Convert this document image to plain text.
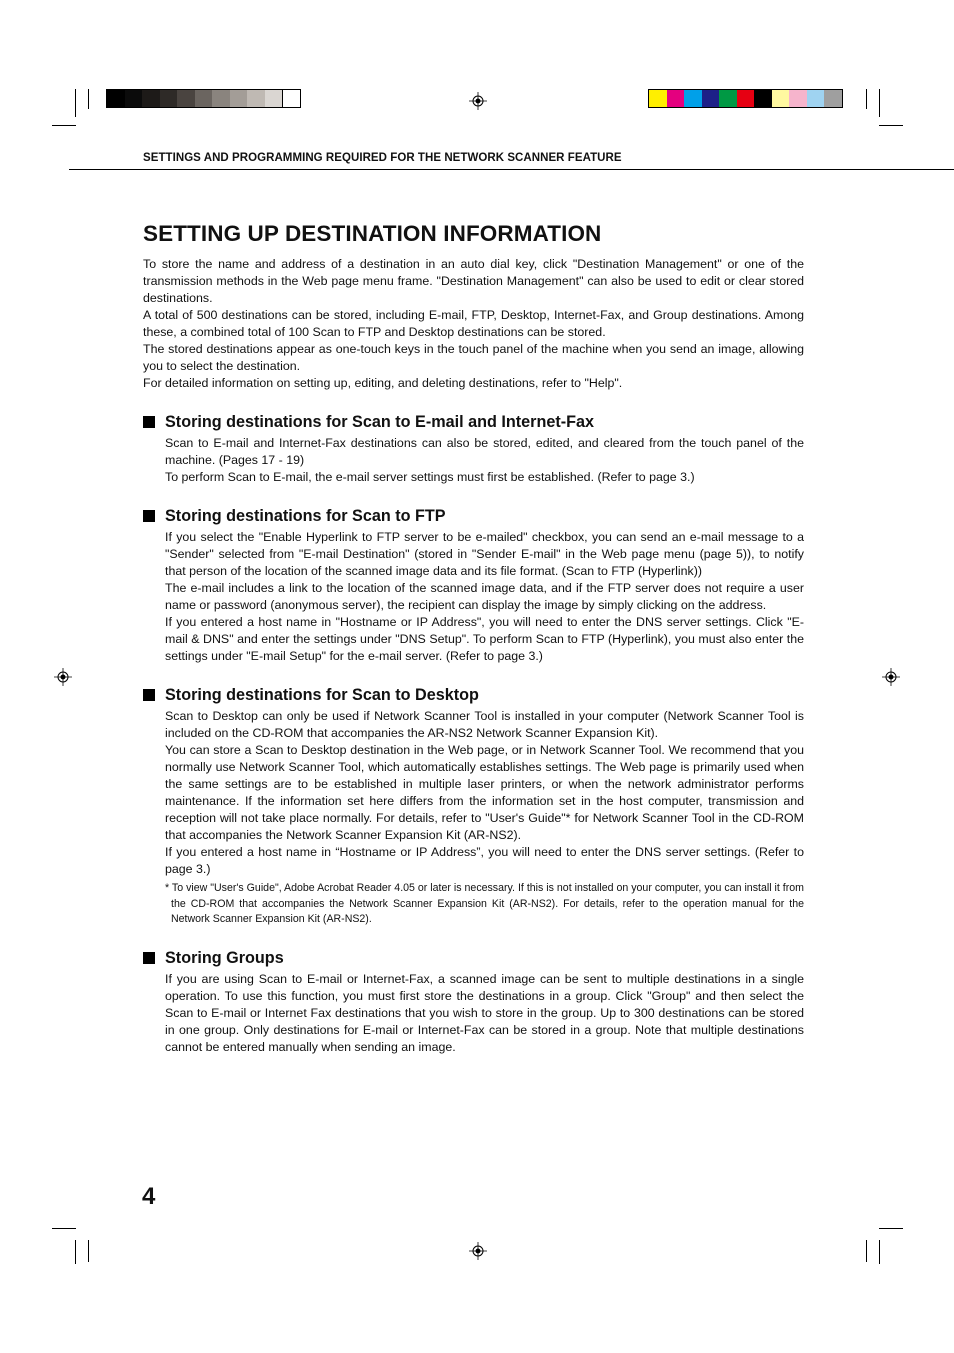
SETTINGS AND PROGRAMMING REQUIRED FOR THE NETWORK SCANNER FEATURE
SETTING UP DESTINATION INFORMATION

To store the name and address of a destination in an auto dial key, click "Destination Management" or one of the transmission methods in the Web page menu frame. "Destination Management" can also be used to edit or clear stored destinations.

A total of 500 destinations can be stored, including E-mail, FTP, Desktop, Internet-Fax, and Group destinations. Among these, a combined total of 100 Scan to FTP and Desktop destinations can be stored.

The stored destinations appear as one-touch keys in the touch panel of the machine when you send an image, allowing you to select the destination.

For detailed information on setting up, editing, and deleting destinations, refer to "Help".

Storing destinations for Scan to E-mail and Internet-Fax

Scan to E-mail and Internet-Fax destinations can also be stored, edited, and cleared from the touch panel of the machine. (Pages 17 - 19)

To perform Scan to E-mail, the e-mail server settings must first be established. (Refer to page 3.)

Storing destinations for Scan to FTP

If you select the "Enable Hyperlink to FTP server to be e-mailed" checkbox, you can send an e-mail message to a "Sender" selected from "E-mail Destination" (stored in "Sender E-mail" in the Web page menu (page 5)), to notify that person of the location of the scanned image data and its file format. (Scan to FTP (Hyperlink))

The e-mail includes a link to the location of the scanned image data, and if the FTP server does not require a user name or password (anonymous server), the recipient can display the image by simply clicking on the address.

If you entered a host name in "Hostname or IP Address", you will need to enter the DNS server settings. Click "E-mail & DNS" and enter the settings under "DNS Setup". To perform Scan to FTP (Hyperlink), you must also enter the settings under "E-mail Setup" for the e-mail server. (Refer to page 3.)

Storing destinations for Scan to Desktop

Scan to Desktop can only be used if Network Scanner Tool is installed in your computer (Network Scanner Tool is included on the CD-ROM that accompanies the AR-NS2 Network Scanner Expansion Kit).

You can store a Scan to Desktop destination in the Web page, or in Network Scanner Tool. We recommend that you normally use Network Scanner Tool, which automatically establishes settings. The Web page is primarily used when the same settings are to be established in multiple laser printers, or when the network administrator performs maintenance. If the information set here differs from the information set in the host computer, transmission and reception will not take place normally. For details, refer to "User's Guide"* for Network Scanner Tool in the CD-ROM that accompanies the Network Scanner Expansion Kit (AR-NS2).

If you entered a host name in “Hostname or IP Address”, you will need to enter the DNS server settings. (Refer to page 3.)

* To view "User's Guide", Adobe Acrobat Reader 4.05 or later is necessary. If this is not installed on your computer, you can install it from the CD-ROM that accompanies the Network Scanner Expansion Kit (AR-NS2). For details, refer to the operation manual for the Network Scanner Expansion Kit (AR-NS2).

Storing Groups

If you are using Scan to E-mail or Internet-Fax, a scanned image can be sent to multiple destinations in a single operation. To use this function, you must first store the destinations in a group. Click "Group" and then select the Scan to E-mail or Internet Fax destinations that you wish to store in the group. Up to 300 destinations can be stored in one group. Only destinations for E-mail or Internet-Fax can be stored in a group. Note that multiple destinations cannot be entered manually when sending an image.

4
